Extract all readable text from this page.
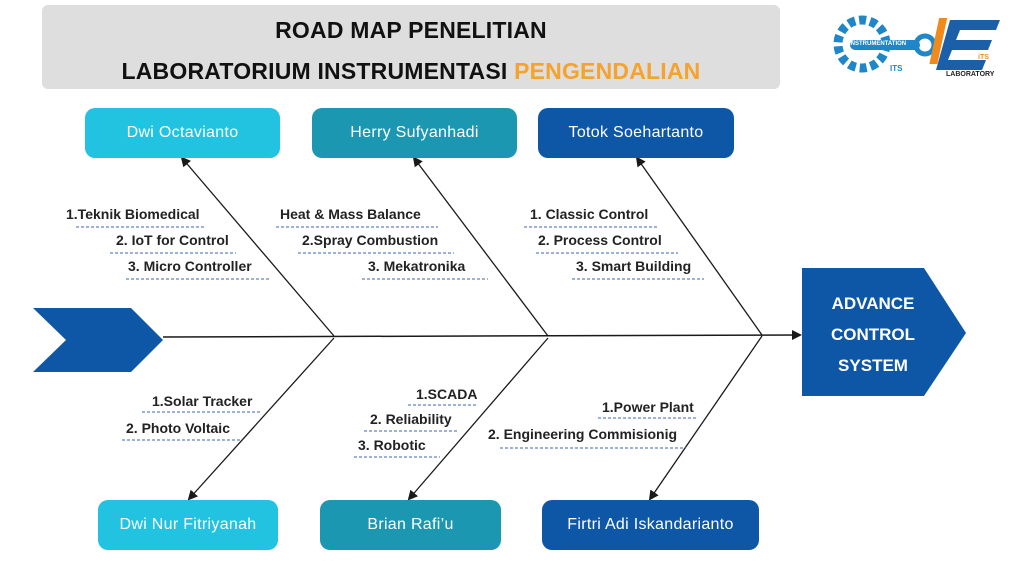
ROAD MAP PENELITIAN
LABORATORIUM INSTRUMENTASI PENGENDALIAN
INSTRUMENTATION
ITS
iTS
LABORATORY
ADVANCE CONTROL SYSTEM
Dwi Octavianto	Herry Sufyanhadi	Totok Soehartanto
Dwi Nur Fitriyanah	Brian Rafi’u	Firtri Adi Iskandarianto
1.Teknik Biomedical
2. IoT for Control
3. Micro Controller
Heat & Mass Balance
2.Spray Combustion
3. Mekatronika
1. Classic Control
2. Process Control
3. Smart Building
1.Solar Tracker
2. Photo Voltaic
1.SCADA
2. Reliability
3. Robotic
1.Power Plant
2. Engineering Commisionig
